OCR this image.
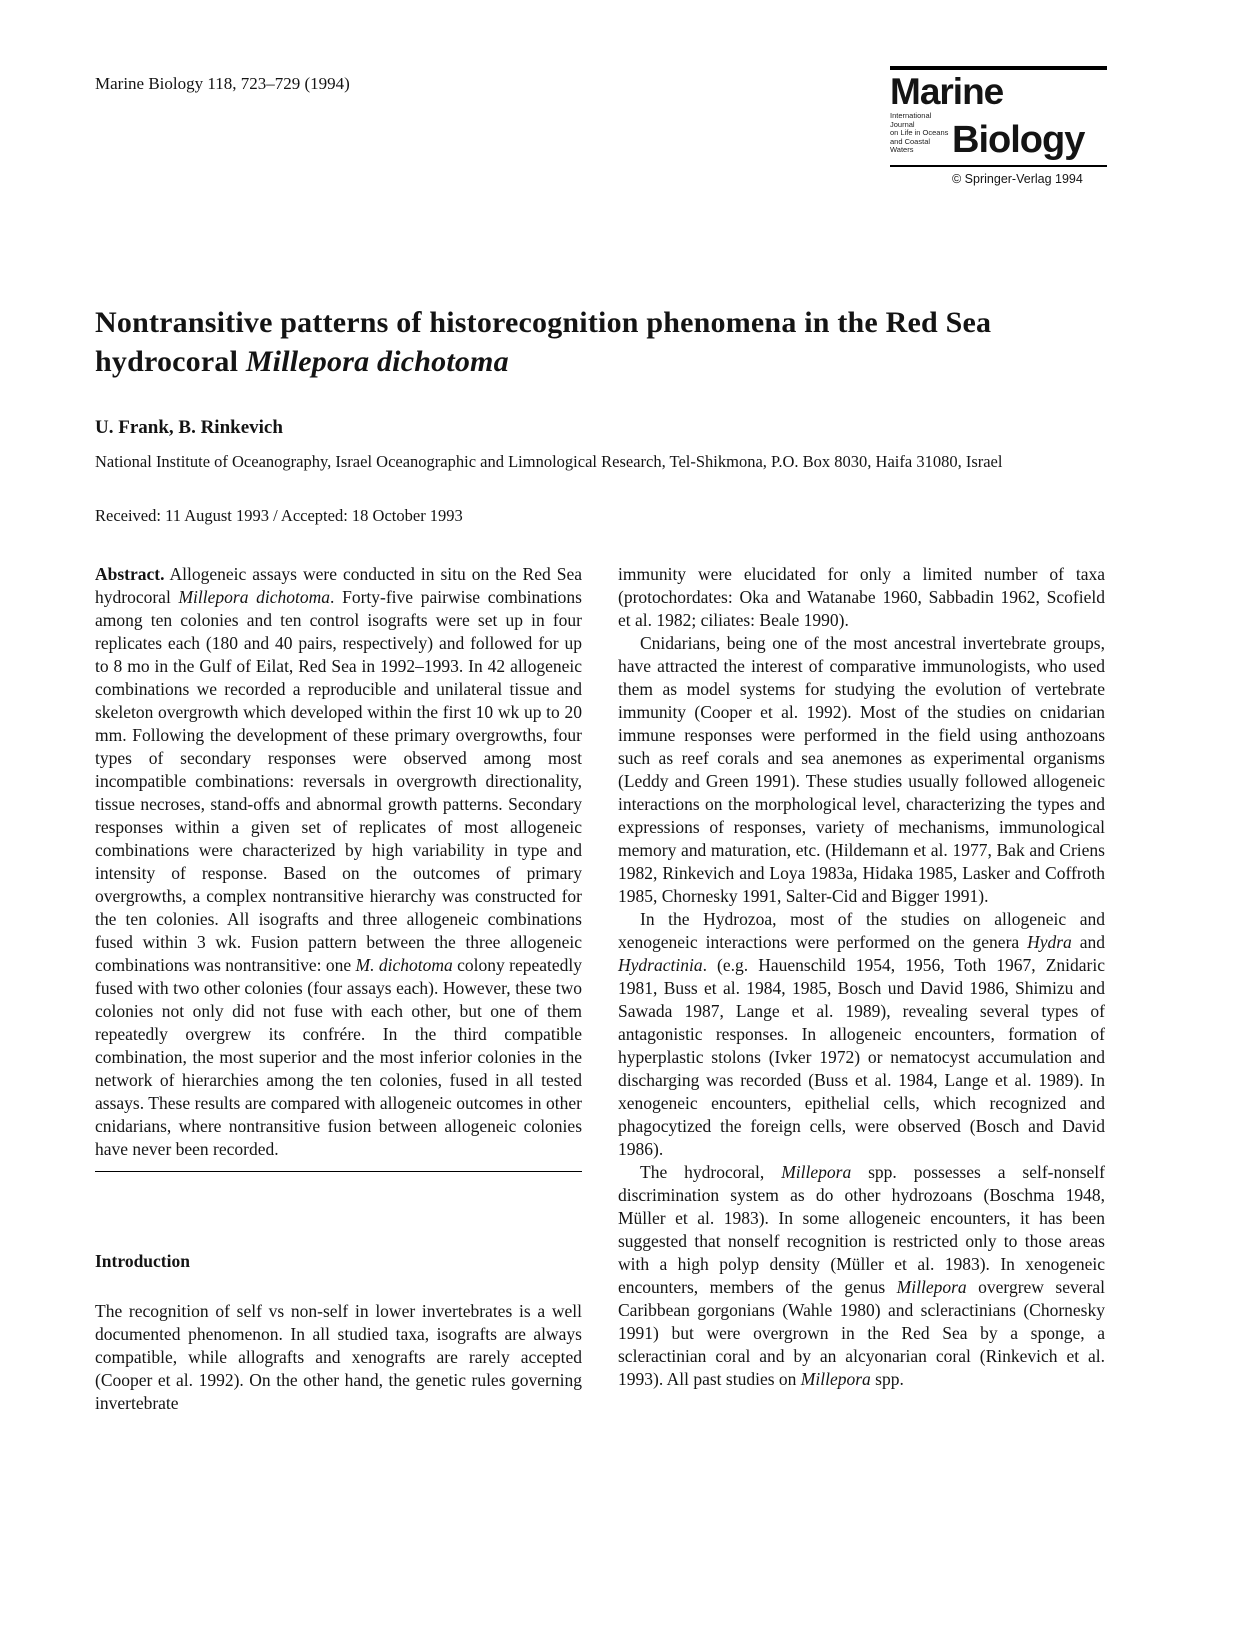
Marine Biology 118, 723–729 (1994)	Marine
International Journal
on Life in Oceans
and Coastal Waters	Biology
© Springer-Verlag 1994
Nontransitive patterns of historecognition phenomena in the Red Sea hydrocoral Millepora dichotoma
U. Frank, B. Rinkevich
National Institute of Oceanography, Israel Oceanographic and Limnological Research, Tel-Shikmona, P.O. Box 8030, Haifa 31080, Israel
Received: 11 August 1993 / Accepted: 18 October 1993

Abstract. Allogeneic assays were conducted in situ on the Red Sea hydrocoral Millepora dichotoma. Forty-five pairwise combinations among ten colonies and ten control isografts were set up in four replicates each (180 and 40 pairs, respectively) and followed for up to 8 mo in the Gulf of Eilat, Red Sea in 1992–1993. In 42 allogeneic combinations we recorded a reproducible and unilateral tissue and skeleton overgrowth which developed within the first 10 wk up to 20 mm. Following the development of these primary overgrowths, four types of secondary responses were observed among most incompatible combinations: reversals in overgrowth directionality, tissue necroses, stand-offs and abnormal growth patterns. Secondary responses within a given set of replicates of most allogeneic combinations were characterized by high variability in type and intensity of response. Based on the outcomes of primary overgrowths, a complex nontransitive hierarchy was constructed for the ten colonies. All isografts and three allogeneic combinations fused within 3 wk. Fusion pattern between the three allogeneic combinations was nontransitive: one M. dichotoma colony repeatedly fused with two other colonies (four assays each). However, these two colonies not only did not fuse with each other, but one of them repeatedly overgrew its confrére. In the third compatible combination, the most superior and the most inferior colonies in the network of hierarchies among the ten colonies, fused in all tested assays. These results are compared with allogeneic outcomes in other cnidarians, where nontransitive fusion between allogeneic colonies have never been recorded.

Introduction

The recognition of self vs non-self in lower invertebrates is a well documented phenomenon. In all studied taxa, isografts are always compatible, while allografts and xenografts are rarely accepted (Cooper et al. 1992). On the other hand, the genetic rules governing invertebrate

immunity were elucidated for only a limited number of taxa (protochordates: Oka and Watanabe 1960, Sabbadin 1962, Scofield et al. 1982; ciliates: Beale 1990).

Cnidarians, being one of the most ancestral invertebrate groups, have attracted the interest of comparative immunologists, who used them as model systems for studying the evolution of vertebrate immunity (Cooper et al. 1992). Most of the studies on cnidarian immune responses were performed in the field using anthozoans such as reef corals and sea anemones as experimental organisms (Leddy and Green 1991). These studies usually followed allogeneic interactions on the morphological level, characterizing the types and expressions of responses, variety of mechanisms, immunological memory and maturation, etc. (Hildemann et al. 1977, Bak and Criens 1982, Rinkevich and Loya 1983a, Hidaka 1985, Lasker and Coffroth 1985, Chornesky 1991, Salter-Cid and Bigger 1991).

In the Hydrozoa, most of the studies on allogeneic and xenogeneic interactions were performed on the genera Hydra and Hydractinia. (e.g. Hauenschild 1954, 1956, Toth 1967, Znidaric 1981, Buss et al. 1984, 1985, Bosch und David 1986, Shimizu and Sawada 1987, Lange et al. 1989), revealing several types of antagonistic responses. In allogeneic encounters, formation of hyperplastic stolons (Ivker 1972) or nematocyst accumulation and discharging was recorded (Buss et al. 1984, Lange et al. 1989). In xenogeneic encounters, epithelial cells, which recognized and phagocytized the foreign cells, were observed (Bosch and David 1986).

The hydrocoral, Millepora spp. possesses a self-nonself discrimination system as do other hydrozoans (Boschma 1948, Müller et al. 1983). In some allogeneic encounters, it has been suggested that nonself recognition is restricted only to those areas with a high polyp density (Müller et al. 1983). In xenogeneic encounters, members of the genus Millepora overgrew several Caribbean gorgonians (Wahle 1980) and scleractinians (Chornesky 1991) but were overgrown in the Red Sea by a sponge, a scleractinian coral and by an alcyonarian coral (Rinkevich et al. 1993). All past studies on Millepora spp.
